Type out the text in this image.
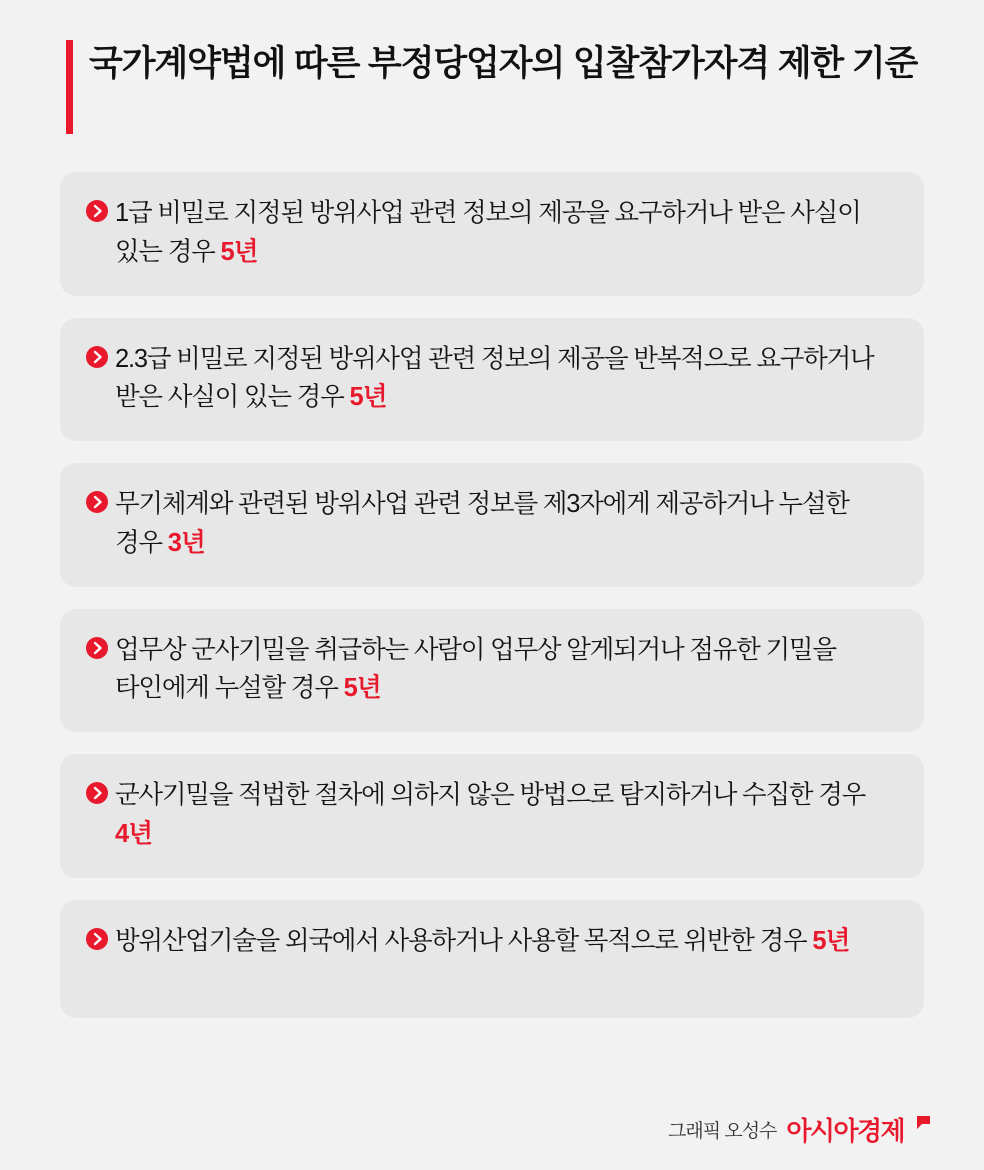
국가계약법에 따른 부정당업자의 입찰참가자격 제한 기준
1급 비밀로 지정된 방위사업 관련 정보의 제공을 요구하거나 받은 사실이 있는 경우 5년
2.3급 비밀로 지정된 방위사업 관련 정보의 제공을 반복적으로 요구하거나 받은 사실이 있는 경우 5년
무기체계와 관련된 방위사업 관련 정보를 제3자에게 제공하거나 누설한 경우 3년
업무상 군사기밀을 취급하는 사람이 업무상 알게되거나 점유한 기밀을 타인에게 누설할 경우 5년
군사기밀을 적법한 절차에 의하지 않은 방법으로 탐지하거나 수집한 경우 4년
방위산업기술을 외국에서 사용하거나 사용할 목적으로 위반한 경우 5년
그래픽 오성수 아시아경제
